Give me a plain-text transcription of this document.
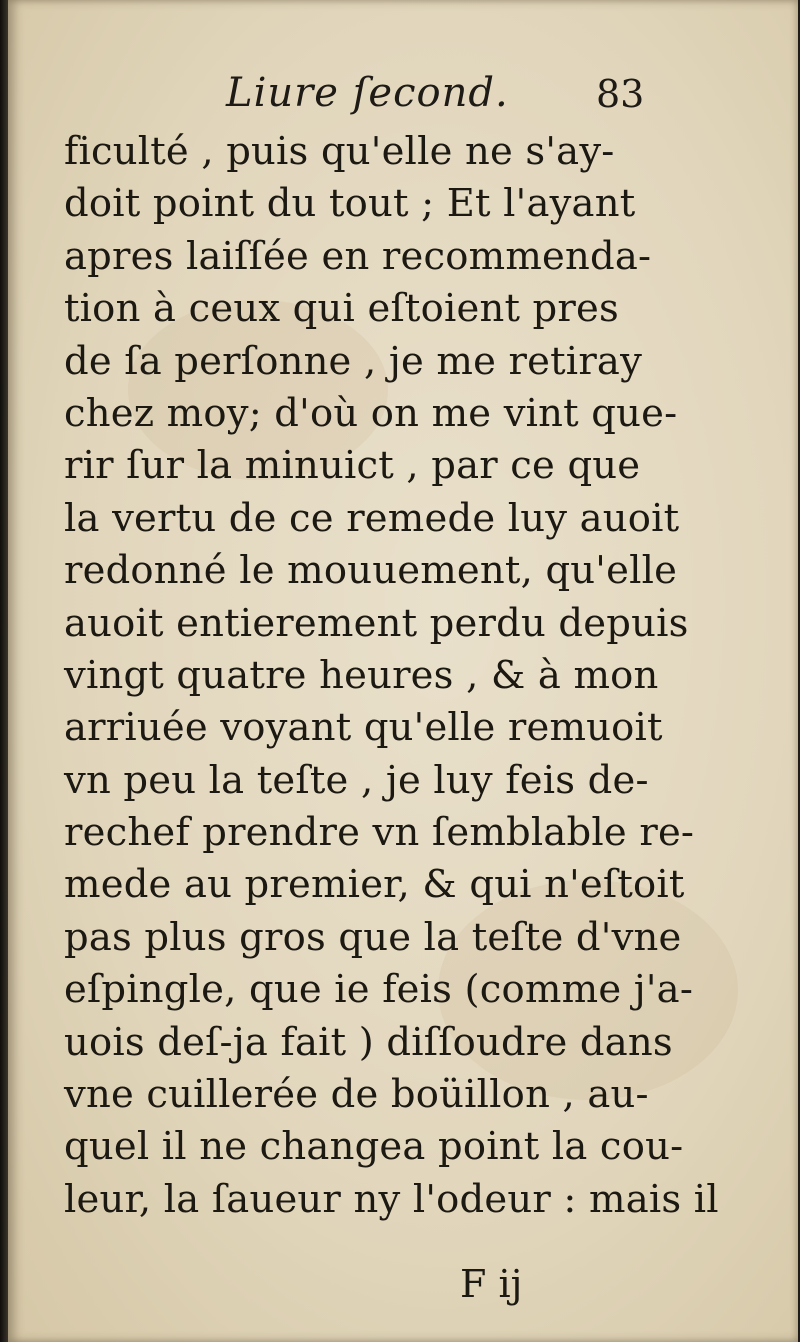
Liure ſecond. 83
ficulté , puis qu'elle ne s'ay-
doit point du tout ; Et l'ayant
apres laiſſée en recommenda-
tion à ceux qui eſtoient pres
de ſa perſonne , je me retiray
chez moy; d'où on me vint que-
rir ſur la minuict , par ce que
la vertu de ce remede luy auoit
redonné le mouuement, qu'elle
auoit entierement perdu depuis
vingt quatre heures , & à mon
arriuée voyant qu'elle remuoit
vn peu la teſte , je luy feis de-
rechef prendre vn ſemblable re-
mede au premier, & qui n'eſtoit
pas plus gros que la teſte d'vne
eſpingle, que ie feis (comme j'a-
uois deſ-ja fait ) diſſoudre dans
vne cuillerée de boüillon , au-
quel il ne changea point la cou-
leur, la ſaueur ny l'odeur : mais il
F ij
